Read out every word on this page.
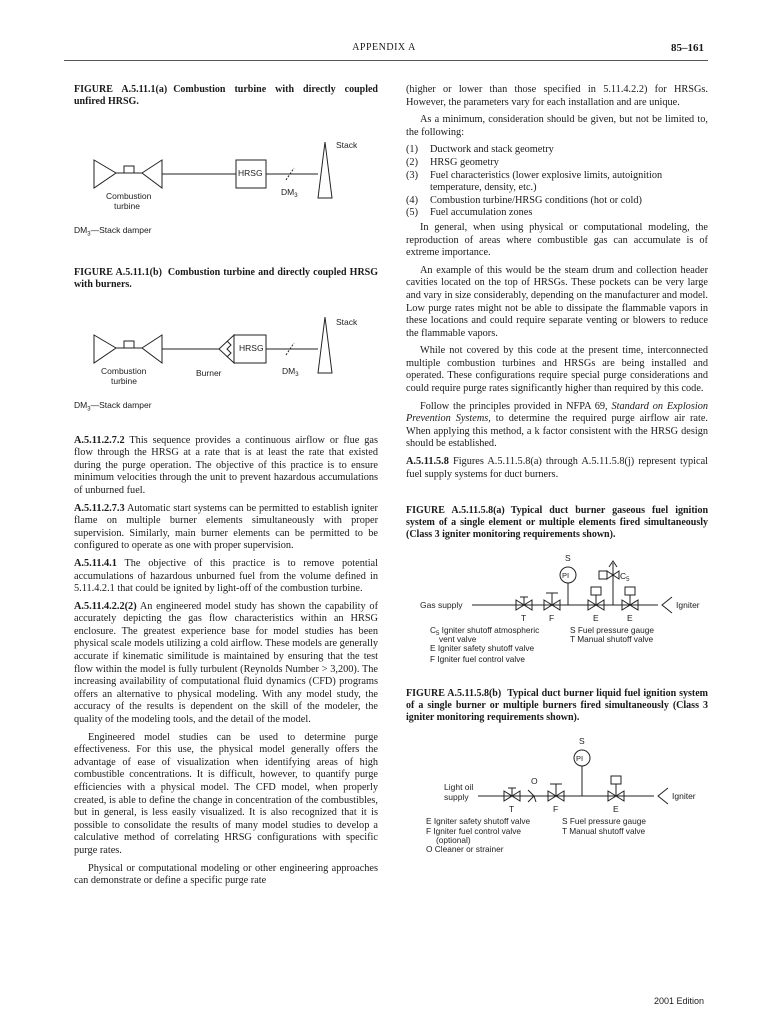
APPENDIX A	85–161

FIGURE A.5.11.1(a) Combustion turbine with directly coupled unfired HRSG.

Stack
HRSG
Combustion
turbine
$DM_3$
$DM_3—Stack$ damper

FIGURE A.5.11.1(b) Combustion turbine and directly coupled HRSG with burners.

Stack
HRSG
Burner
Combustion
turbine
$DM_3$
$DM_3—Stack$ damper

A.5.11.2.7.2 This sequence provides a continuous airflow or flue gas flow through the HRSG at a rate that is at least the rate that existed during the purge operation. The objective of this practice is to ensure minimum velocities through the unit to prevent hazardous accumulations of unburned fuel.

A.5.11.2.7.3 Automatic start systems can be permitted to establish igniter flame on multiple burner elements simultaneously with proper supervision. Similarly, main burner elements can be permitted to be configured to operate as one with proper supervision.

A.5.11.4.1 The objective of this practice is to remove potential accumulations of hazardous unburned fuel from the volume defined in 5.11.4.2.1 that could be ignited by light-off of the combustion turbine.

A.5.11.4.2.2(2) An engineered model study has shown the capability of accurately depicting the gas flow characteristics within an HRSG enclosure. The greatest experience base for model studies has been physical scale models utilizing a cold airflow. These models are generally accurate if kinematic similitude is maintained by ensuring that the test flow within the model is fully turbulent (Reynolds Number > 3,200). The increasing availability of computational fluid dynamics (CFD) programs offers an alternative to physical modeling. With any model study, the accuracy of the results is dependent on the skill of the modeler, the quality of the modeling tools, and the detail of the model.

Engineered model studies can be used to determine purge effectiveness. For this use, the physical model generally offers the advantage of ease of visualization when identifying areas of high combustible concentrations. It is difficult, however, to quantify purge efficiencies with a physical model. The CFD model, when properly created, is able to define the change in concentration of the combustibles, but in general, is less easily visualized. It is also recognized that it is possible to consolidate the results of many model studies to develop a calculative method of correlating HRSG configurations with specific purge rates.

Physical or computational modeling or other engineering approaches can demonstrate or define a specific purge rate

(higher or lower than those specified in 5.11.4.2.2) for HRSGs. However, the parameters vary for each installation and are unique.

As a minimum, consideration should be given, but not be limited to, the following:

(1) Ductwork and stack geometry
(2) HRSG geometry
(3) Fuel characteristics (lower explosive limits, autoignition temperature, density, etc.)
(4) Combustion turbine/HRSG conditions (hot or cold)
(5) Fuel accumulation zones

In general, when using physical or computational modeling, the reproduction of areas where combustible gas can accumulate is of extreme importance.

An example of this would be the steam drum and collection header cavities located on the top of HRSGs. These pockets can be very large and vary in size considerably, depending on the manufacturer and model. Low purge rates might not be able to dissipate the flammable vapors in these locations and could require separate venting or blowers to reduce the flammable vapors.

While not covered by this code at the present time, interconnected multiple combustion turbines and HRSGs are being installed and operated. These configurations require special purge considerations and could require purge rates significantly higher than required by this code.

Follow the principles provided in NFPA 69, Standard on Explosion Prevention Systems, to determine the required purge airflow air rate. When applying this method, a k factor consistent with the HRSG design should be established.

A.5.11.5.8 Figures A.5.11.5.8(a) through A.5.11.5.8(j) represent typical fuel supply systems for duct burners.

FIGURE A.5.11.5.8(a) Typical duct burner gaseous fuel ignition system of a single element or multiple elements fired simultaneously (Class 3 igniter monitoring requirements shown).

Gas supply	Igniter
T	F
PI
S
E	E
$C_5$
$C_5$ Igniter shutoff atmospheric
vent valve
E Igniter safety shutoff valve
S Fuel pressure gauge
T Manual shutoff valve
F Igniter fuel control valve

FIGURE A.5.11.5.8(b) Typical duct burner liquid fuel ignition system of a single burner or multiple burners fired simultaneously (Class 3 igniter monitoring requirements shown).

Light oil
supply	Igniter
T
O
F
PI
S
E
E Igniter safety shutoff valve
F Igniter fuel control valve
(optional)
O Cleaner or strainer
S Fuel pressure gauge
T Manual shutoff valve
2001 Edition
